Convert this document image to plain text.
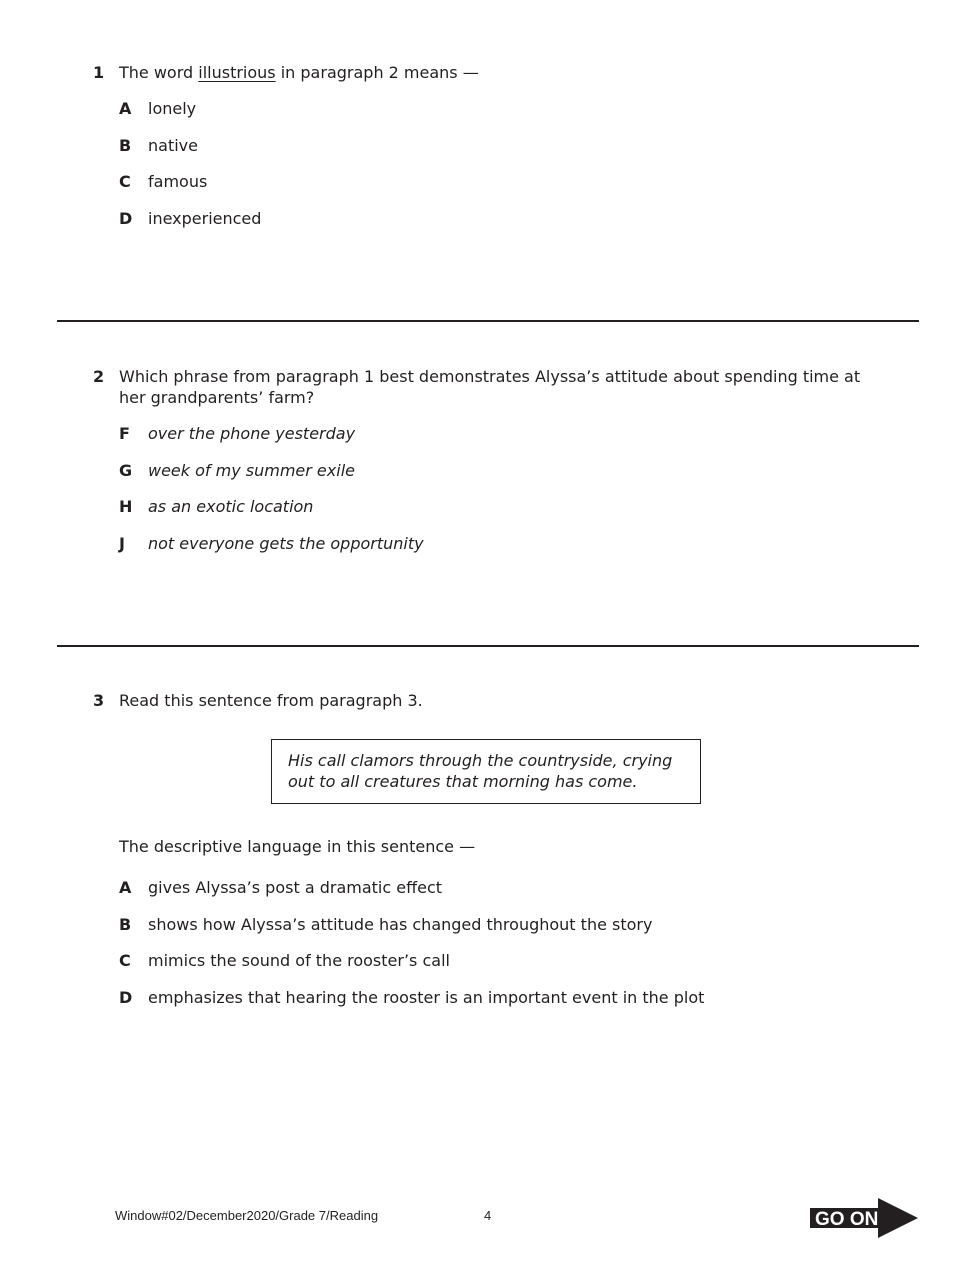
1 The word illustrious in paragraph 2 means —
A	lonely
B	native
C	famous
D inexperienced
2 Which phrase from paragraph 1 best demonstrates Alyssa’s attitude about spending time at her grandparents’ farm?
F	over the phone yesterday
G week of my summer exile
H as an exotic location
J	not everyone gets the opportunity
3 Read this sentence from paragraph 3.
His call clamors through the countryside, crying
out to all creatures that morning has come.
The descriptive language in this sentence —
A	gives Alyssa’s post a dramatic effect
B	shows how Alyssa’s attitude has changed throughout the story
C	mimics the sound of the rooster’s call
D emphasizes that hearing the rooster is an important event in the plot
Window#02/December2020/Grade 7/Reading	4	GO ON
